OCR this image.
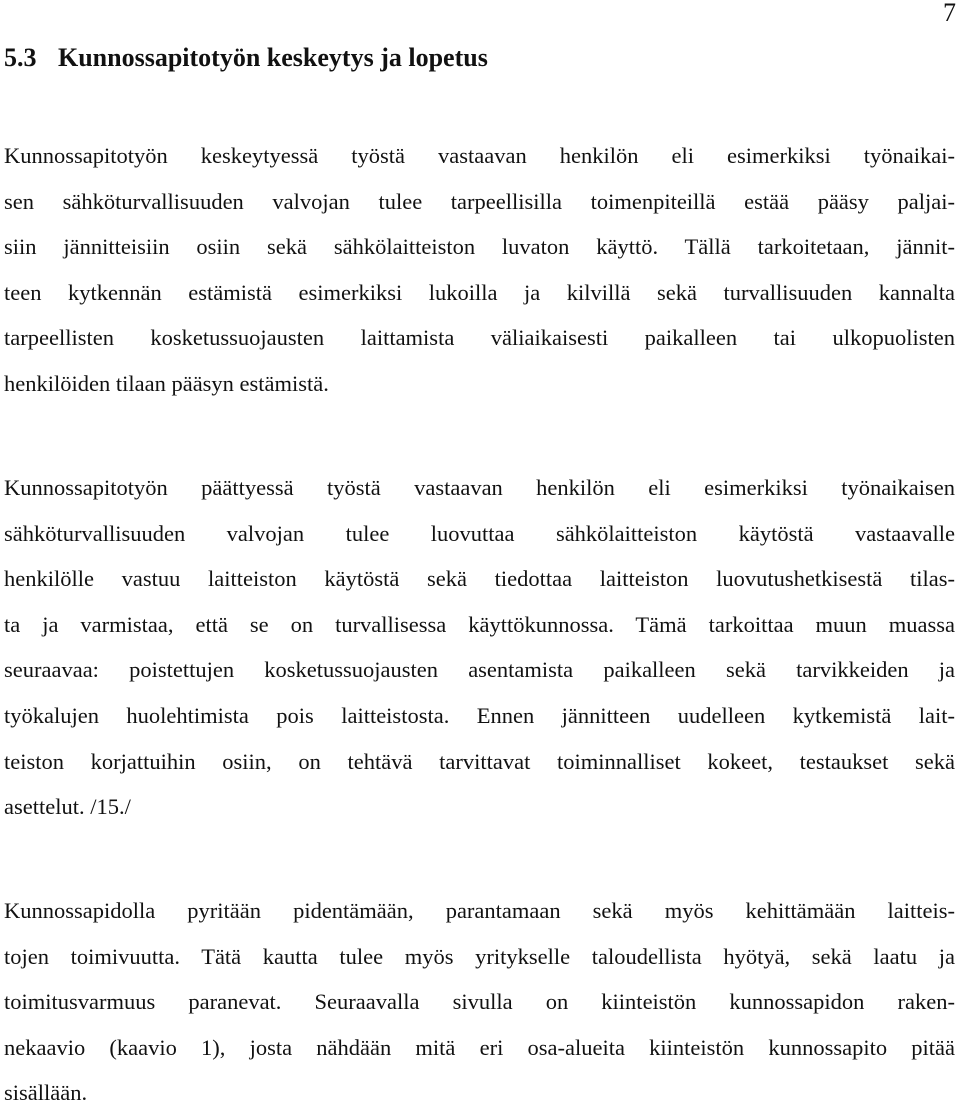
7
5.3 Kunnossapitotyön keskeytys ja lopetus

Kunnossapitotyön keskeytyessä työstä vastaavan henkilön eli esimerkiksi työnaikai-
sen sähköturvallisuuden valvojan tulee tarpeellisilla toimenpiteillä estää pääsy paljai-
siin jännitteisiin osiin sekä sähkölaitteiston luvaton käyttö. Tällä tarkoitetaan, jännit-
teen kytkennän estämistä esimerkiksi lukoilla ja kilvillä sekä turvallisuuden kannalta
tarpeellisten kosketussuojausten laittamista väliaikaisesti paikalleen tai ulkopuolisten
henkilöiden tilaan pääsyn estämistä.

Kunnossapitotyön päättyessä työstä vastaavan henkilön eli esimerkiksi työnaikaisen
sähköturvallisuuden valvojan tulee luovuttaa sähkölaitteiston käytöstä vastaavalle
henkilölle vastuu laitteiston käytöstä sekä tiedottaa laitteiston luovutushetkisestä tilas-
ta ja varmistaa, että se on turvallisessa käyttökunnossa. Tämä tarkoittaa muun muassa
seuraavaa: poistettujen kosketussuojausten asentamista paikalleen sekä tarvikkeiden ja
työkalujen huolehtimista pois laitteistosta. Ennen jännitteen uudelleen kytkemistä lait-
teiston korjattuihin osiin, on tehtävä tarvittavat toiminnalliset kokeet, testaukset sekä
asettelut. /15./

Kunnossapidolla pyritään pidentämään, parantamaan sekä myös kehittämään laitteis-
tojen toimivuutta. Tätä kautta tulee myös yritykselle taloudellista hyötyä, sekä laatu ja
toimitusvarmuus paranevat. Seuraavalla sivulla on kiinteistön kunnossapidon raken-
nekaavio (kaavio 1), josta nähdään mitä eri osa-alueita kiinteistön kunnossapito pitää
sisällään.
